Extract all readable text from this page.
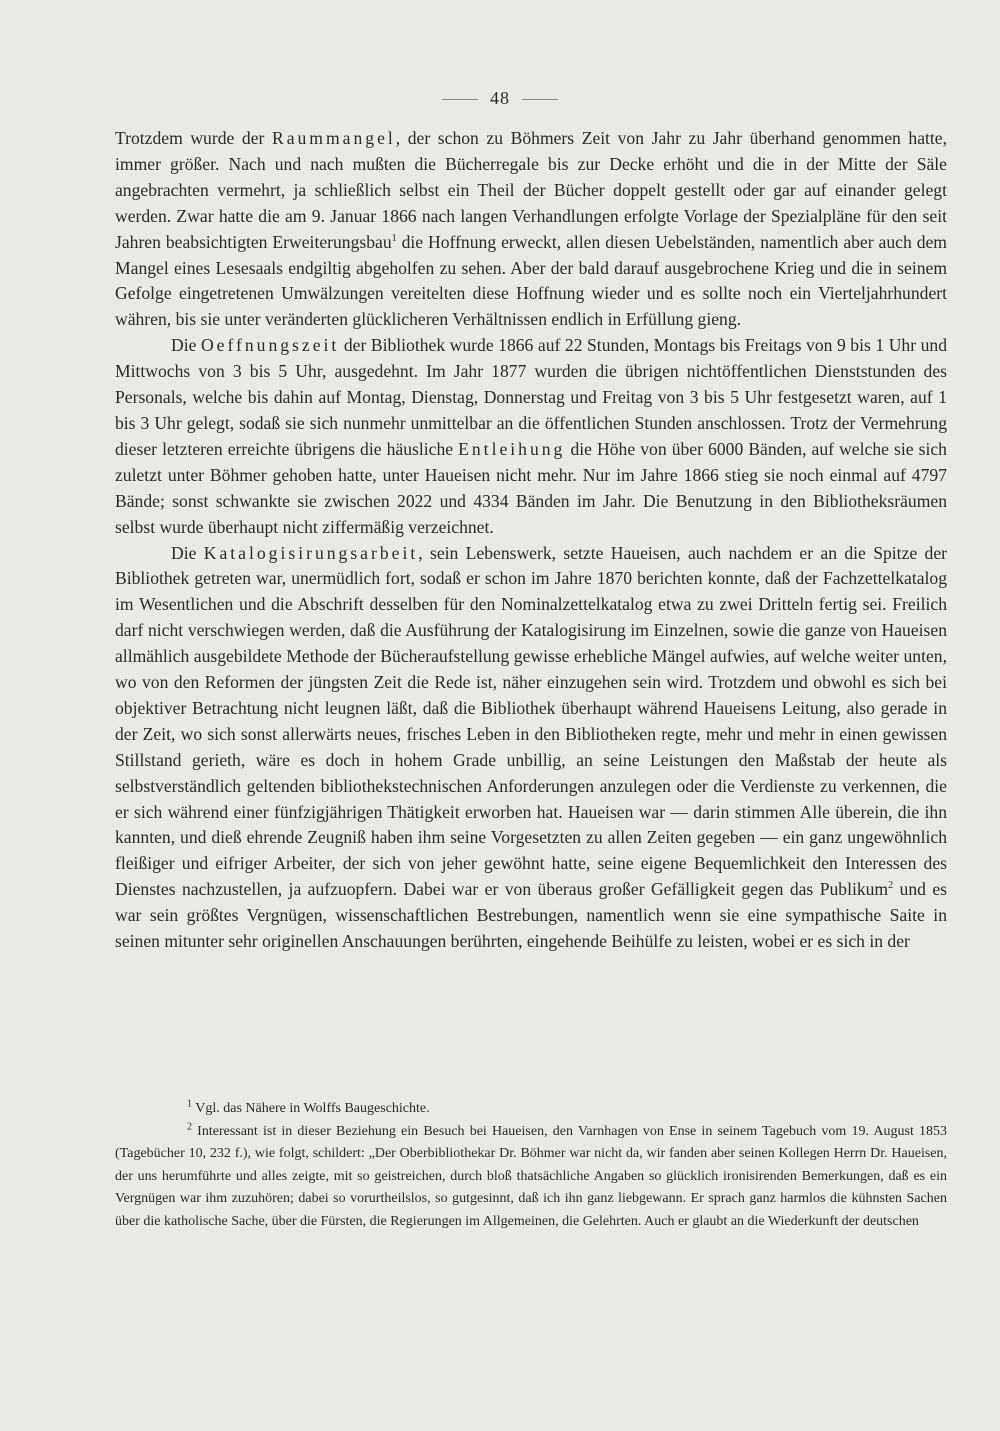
48

Trotzdem wurde der Raummangel, der schon zu Böhmers Zeit von Jahr zu Jahr überhand genommen hatte, immer größer. Nach und nach mußten die Bücherregale bis zur Decke erhöht und die in der Mitte der Säle angebrachten vermehrt, ja schließlich selbst ein Theil der Bücher doppelt gestellt oder gar auf einander gelegt werden. Zwar hatte die am 9. Januar 1866 nach langen Verhandlungen erfolgte Vorlage der Spezialpläne für den seit Jahren beabsichtigten Erweiterungsbau$^1$ die Hoffnung erweckt, allen diesen Uebelständen, namentlich aber auch dem Mangel eines Lesesaals endgiltig abgeholfen zu sehen. Aber der bald darauf ausgebrochene Krieg und die in seinem Gefolge eingetretenen Umwälzungen vereitelten diese Hoffnung wieder und es sollte noch ein Vierteljahrhundert währen, bis sie unter veränderten glücklicheren Verhältnissen endlich in Erfüllung gieng.

Die Oeffnungszeit der Bibliothek wurde 1866 auf 22 Stunden, Montags bis Freitags von 9 bis 1 Uhr und Mittwochs von 3 bis 5 Uhr, ausgedehnt. Im Jahr 1877 wurden die übrigen nichtöffentlichen Dienststunden des Personals, welche bis dahin auf Montag, Dienstag, Donnerstag und Freitag von 3 bis 5 Uhr festgesetzt waren, auf 1 bis 3 Uhr gelegt, sodaß sie sich nunmehr unmittelbar an die öffentlichen Stunden anschlossen. Trotz der Vermehrung dieser letzteren erreichte übrigens die häusliche Entleihung die Höhe von über 6000 Bänden, auf welche sie sich zuletzt unter Böhmer gehoben hatte, unter Haueisen nicht mehr. Nur im Jahre 1866 stieg sie noch einmal auf 4797 Bände; sonst schwankte sie zwischen 2022 und 4334 Bänden im Jahr. Die Benutzung in den Bibliotheksräumen selbst wurde überhaupt nicht ziffermäßig verzeichnet.

Die Katalogisirungsarbeit, sein Lebenswerk, setzte Haueisen, auch nachdem er an die Spitze der Bibliothek getreten war, unermüdlich fort, sodaß er schon im Jahre 1870 berichten konnte, daß der Fachzettelkatalog im Wesentlichen und die Abschrift desselben für den Nominalzettelkatalog etwa zu zwei Dritteln fertig sei. Freilich darf nicht verschwiegen werden, daß die Ausführung der Katalogisirung im Einzelnen, sowie die ganze von Haueisen allmählich ausgebildete Methode der Bücheraufstellung gewisse erhebliche Mängel aufwies, auf welche weiter unten, wo von den Reformen der jüngsten Zeit die Rede ist, näher einzugehen sein wird. Trotzdem und obwohl es sich bei objektiver Betrachtung nicht leugnen läßt, daß die Bibliothek überhaupt während Haueisens Leitung, also gerade in der Zeit, wo sich sonst allerwärts neues, frisches Leben in den Bibliotheken regte, mehr und mehr in einen gewissen Stillstand gerieth, wäre es doch in hohem Grade unbillig, an seine Leistungen den Maßstab der heute als selbstverständlich geltenden bibliothekstechnischen Anforderungen anzulegen oder die Verdienste zu verkennen, die er sich während einer fünfzigjährigen Thätigkeit erworben hat. Haueisen war — darin stimmen Alle überein, die ihn kannten, und dieß ehrende Zeugniß haben ihm seine Vorgesetzten zu allen Zeiten gegeben — ein ganz ungewöhnlich fleißiger und eifriger Arbeiter, der sich von jeher gewöhnt hatte, seine eigene Bequemlichkeit den Interessen des Dienstes nachzustellen, ja aufzuopfern. Dabei war er von überaus großer Gefälligkeit gegen das Publikum$^2$ und es war sein größtes Vergnügen, wissenschaftlichen Bestrebungen, namentlich wenn sie eine sympathische Saite in seinen mitunter sehr originellen Anschauungen berührten, eingehende Beihülfe zu leisten, wobei er es sich in der

$^1$ Vgl. das Nähere in Wolffs Baugeschichte.

$^2$ Interessant ist in dieser Beziehung ein Besuch bei Haueisen, den Varnhagen von Ense in seinem Tagebuch vom 19. August 1853 (Tagebücher 10, 232 f.), wie folgt, schildert: „Der Oberbibliothekar Dr. Böhmer war nicht da, wir fanden aber seinen Kollegen Herrn Dr. Haueisen, der uns herumführte und alles zeigte, mit so geistreichen, durch bloß thatsächliche Angaben so glücklich ironisirenden Bemerkungen, daß es ein Vergnügen war ihm zuzuhören; dabei so vorurtheilslos, so gutgesinnt, daß ich ihn ganz liebgewann. Er sprach ganz harmlos die kühnsten Sachen über die katholische Sache, über die Fürsten, die Regierungen im Allgemeinen, die Gelehrten. Auch er glaubt an die Wiederkunft der deutschen
